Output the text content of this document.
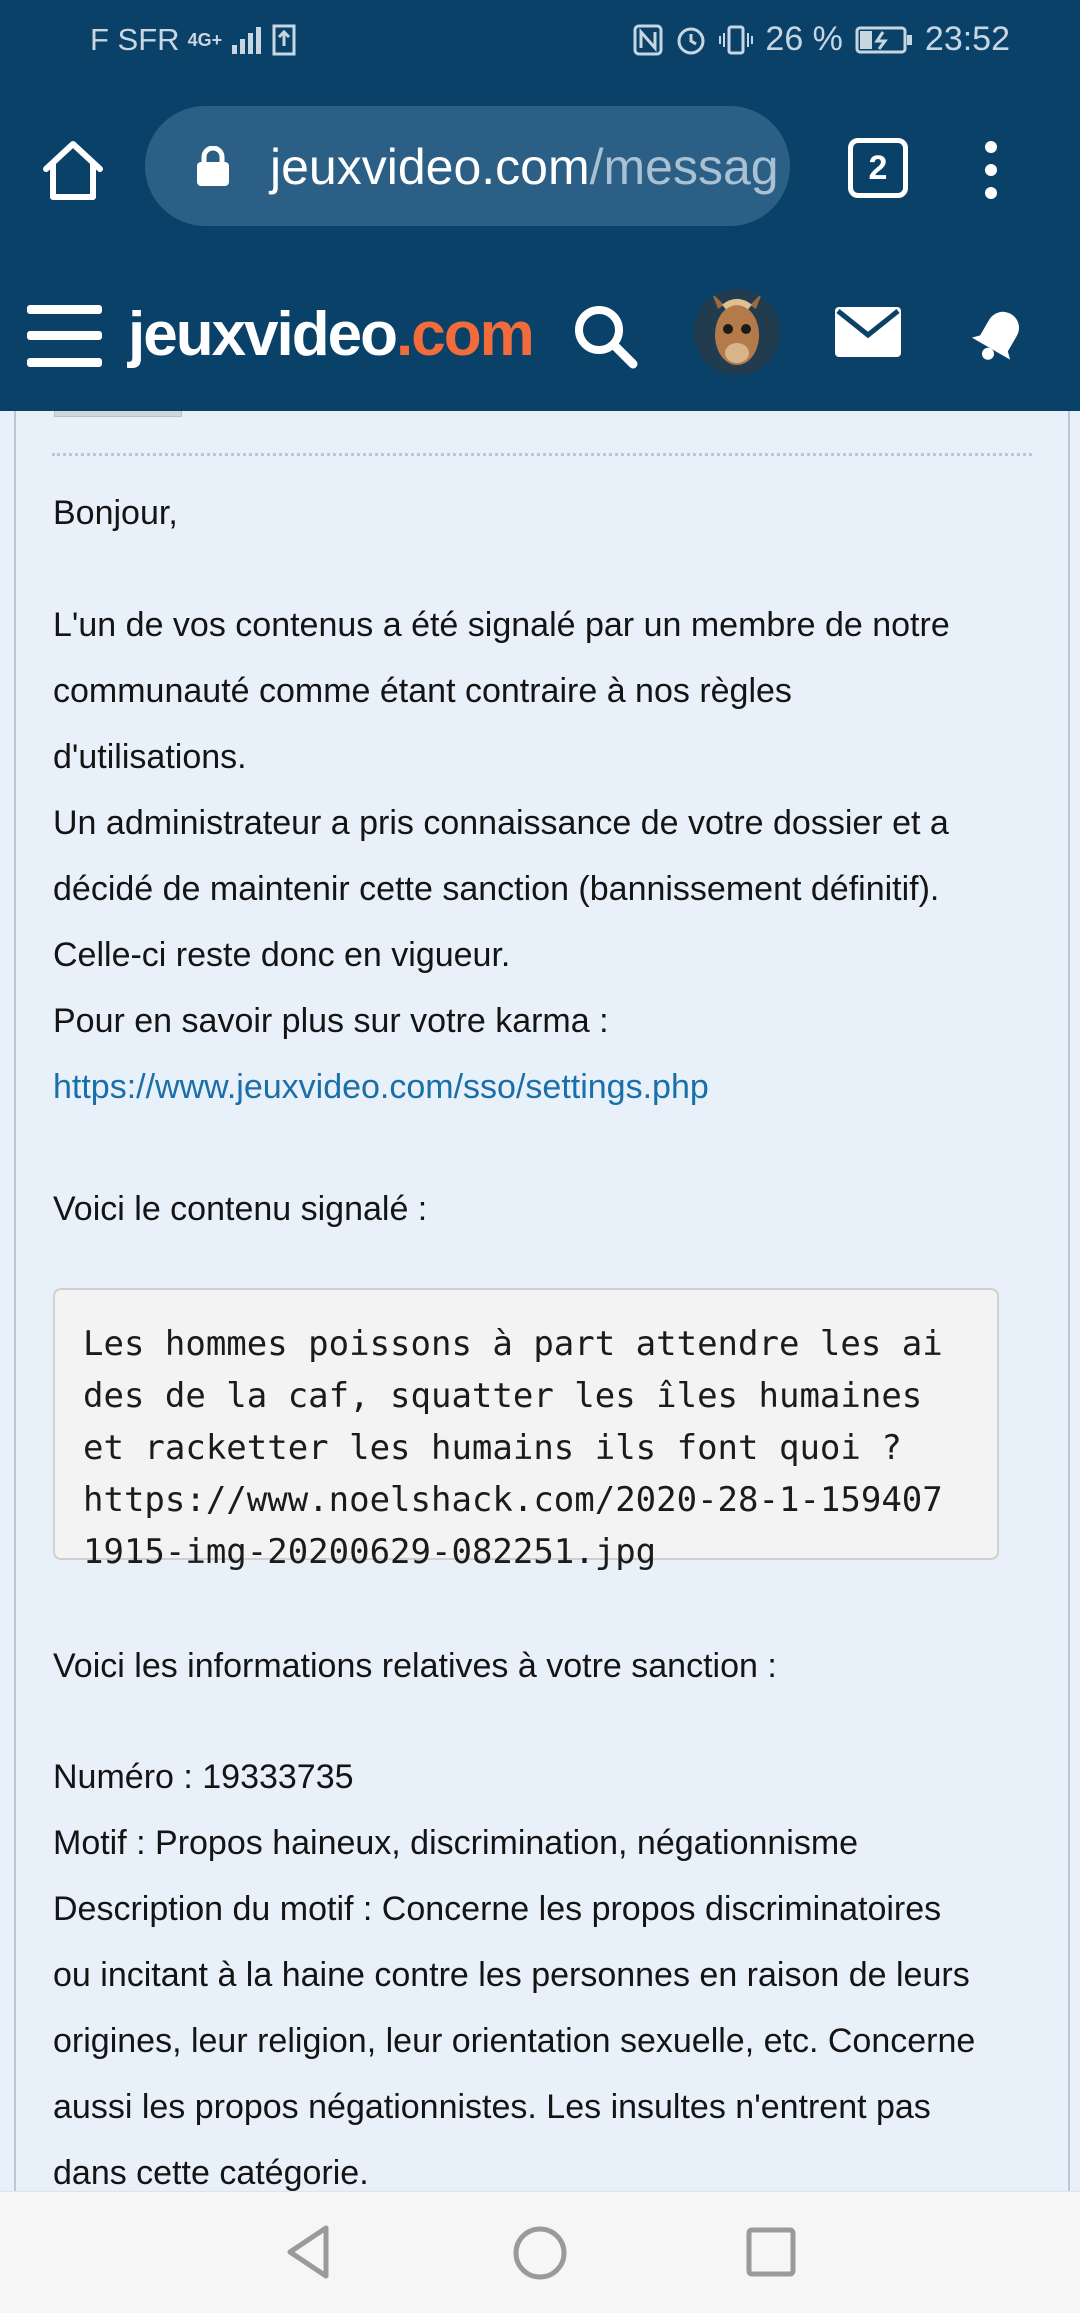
F SFR 4G+	26 % 23:52
jeuxvideo.com/messag	2
jeuxvideo.com
Bonjour,
L'un de vos contenus a été signalé par un membre de notre
communauté comme étant contraire à nos règles
d'utilisations.
Un administrateur a pris connaissance de votre dossier et a
décidé de maintenir cette sanction (bannissement définitif).
Celle-ci reste donc en vigueur.
Pour en savoir plus sur votre karma :
https://www.jeuxvideo.com/sso/settings.php
Voici le contenu signalé :
Les hommes poissons à part attendre les ai
des de la caf, squatter les îles humaines
et racketter les humains ils font quoi ?
https://www.noelshack.com/2020-28-1-159407
1915-img-20200629-082251.jpg
Voici les informations relatives à votre sanction :
Numéro : 19333735
Motif : Propos haineux, discrimination, négationnisme
Description du motif : Concerne les propos discriminatoires
ou incitant à la haine contre les personnes en raison de leurs
origines, leur religion, leur orientation sexuelle, etc. Concerne
aussi les propos négationnistes. Les insultes n'entrent pas
dans cette catégorie.
